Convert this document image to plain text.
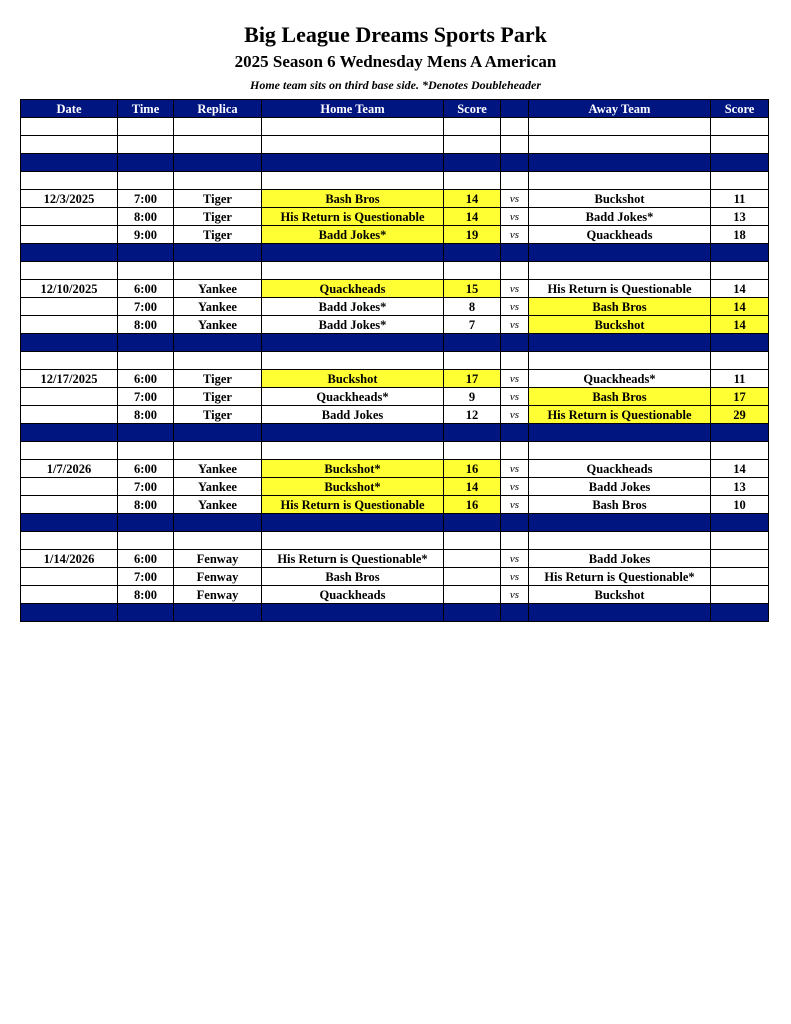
Big League Dreams Sports Park
2025 Season 6 Wednesday Mens A American
Home team sits on third base side. *Denotes Doubleheader
Date	Time	Replica	Home Team	Score		Away Team	Score

12/3/2025	7:00	Tiger	Bash Bros	14	vs	Buckshot	11
	8:00	Tiger	His Return is Questionable	14	vs	Badd Jokes*	13
	9:00	Tiger	Badd Jokes*	19	vs	Quackheads	18

12/10/2025	6:00	Yankee	Quackheads	15	vs	His Return is Questionable	14
	7:00	Yankee	Badd Jokes*	8	vs	Bash Bros	14
	8:00	Yankee	Badd Jokes*	7	vs	Buckshot	14

12/17/2025	6:00	Tiger	Buckshot	17	vs	Quackheads*	11
	7:00	Tiger	Quackheads*	9	vs	Bash Bros	17
	8:00	Tiger	Badd Jokes	12	vs	His Return is Questionable	29

1/7/2026	6:00	Yankee	Buckshot*	16	vs	Quackheads	14
	7:00	Yankee	Buckshot*	14	vs	Badd Jokes	13
	8:00	Yankee	His Return is Questionable	16	vs	Bash Bros	10

1/14/2026	6:00	Fenway	His Return is Questionable*		vs	Badd Jokes	
	7:00	Fenway	Bash Bros		vs	His Return is Questionable*	
	8:00	Fenway	Quackheads		vs	Buckshot	
